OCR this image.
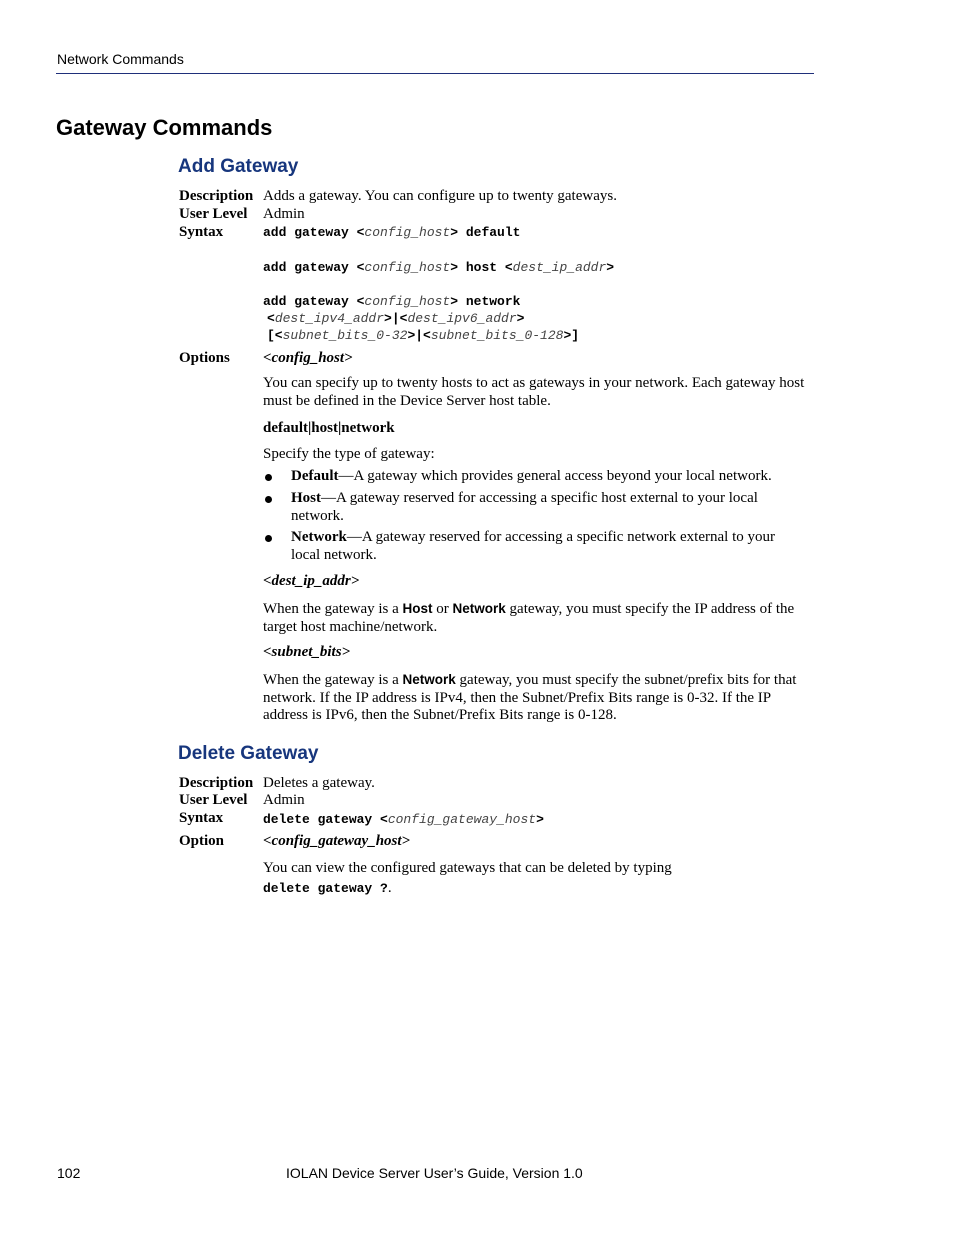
Network Commands
Gateway Commands
Add Gateway
Description Adds a gateway. You can configure up to twenty gateways.
User Level Admin
Syntax	add gateway <config_host> default
add gateway <config_host> host <dest_ip_addr>
add gateway <config_host> network
<dest_ipv4_addr>|<dest_ipv6_addr>
[<subnet_bits_0-32>|<subnet_bits_0-128>]
Options <config_host>
You can specify up to twenty hosts to act as gateways in your network. Each gateway host must be defined in the Device Server host table.
default|host|network
Specify the type of gateway:
Default—A gateway which provides general access beyond your local network.
Host—A gateway reserved for accessing a specific host external to your local network.
Network—A gateway reserved for accessing a specific network external to your local network.
<dest_ip_addr>
When the gateway is a Host or Network gateway, you must specify the IP address of the target host machine/network.
<subnet_bits>
When the gateway is a Network gateway, you must specify the subnet/prefix bits for that network. If the IP address is IPv4, then the Subnet/Prefix Bits range is 0-32. If the IP address is IPv6, then the Subnet/Prefix Bits range is 0-128.
Delete Gateway
Description Deletes a gateway.
User Level Admin
Syntax	delete gateway <config_gateway_host>
Option	<config_gateway_host>
You can view the configured gateways that can be deleted by typing
delete gateway ?.
102	IOLAN Device Server User’s Guide, Version 1.0
